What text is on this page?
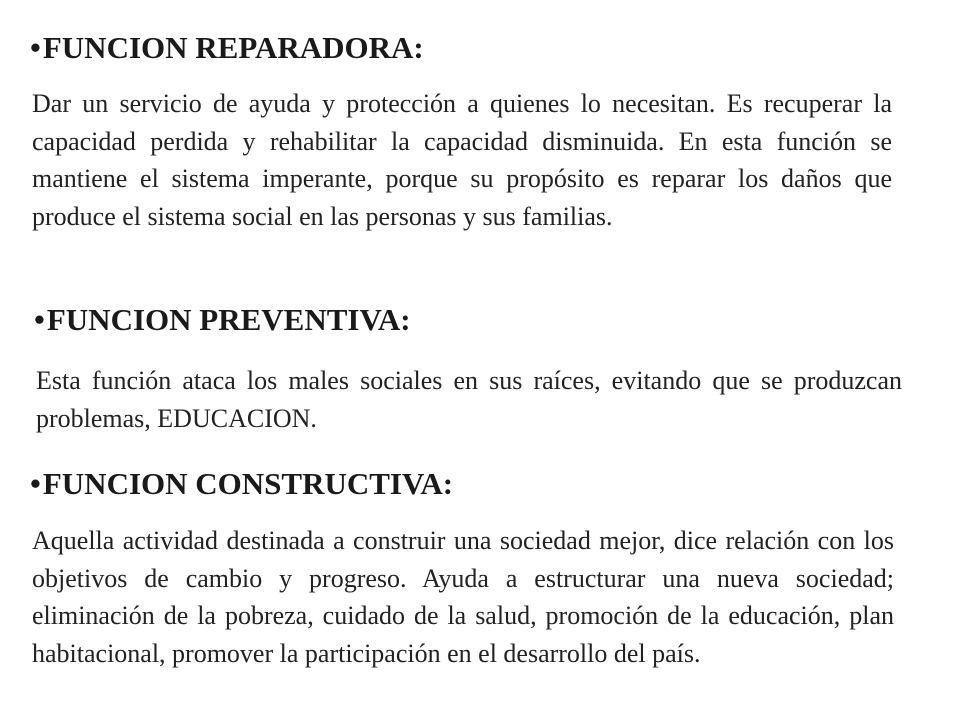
•FUNCION REPARADORA:

Dar un servicio de ayuda y protección a quienes lo necesitan. Es recuperar la capacidad perdida y rehabilitar la capacidad disminuida. En esta función se mantiene el sistema imperante, porque su propósito es reparar los daños que produce el sistema social en las personas y sus familias.

•FUNCION PREVENTIVA:

Esta función ataca los males sociales en sus raíces, evitando que se produzcan problemas, EDUCACION.

•FUNCION CONSTRUCTIVA:

Aquella actividad destinada a construir una sociedad mejor, dice relación con los objetivos de cambio y progreso. Ayuda a estructurar una nueva sociedad; eliminación de la pobreza, cuidado de la salud, promoción de la educación, plan habitacional, promover la participación en el desarrollo del país.
